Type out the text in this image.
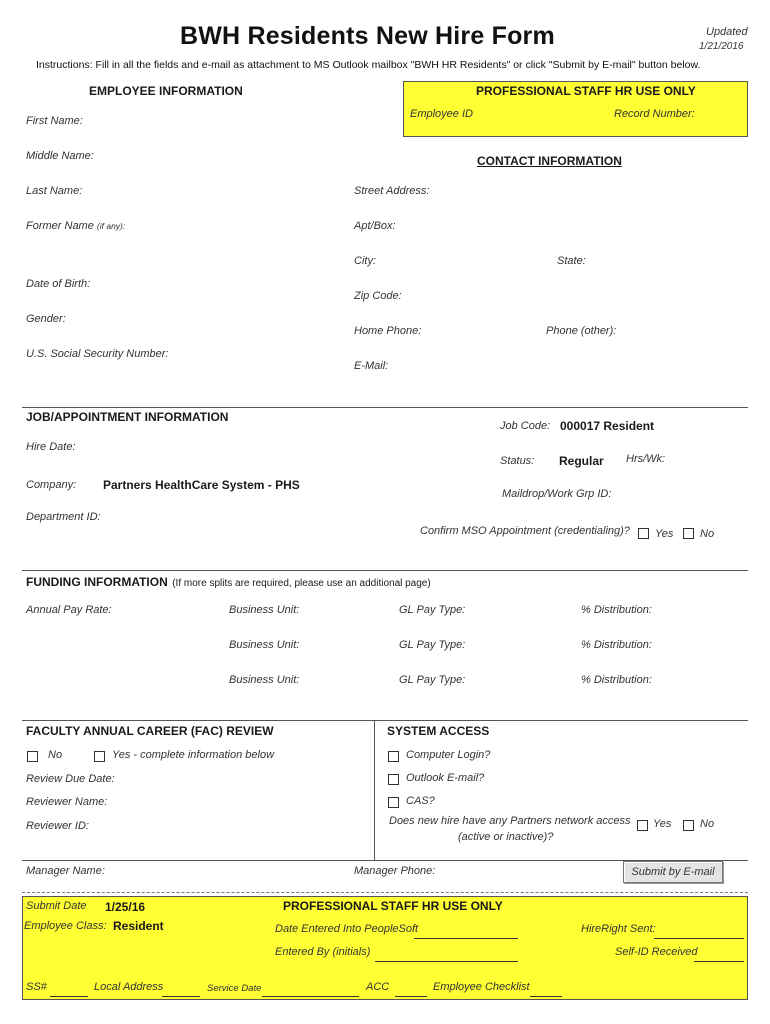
BWH Residents New Hire Form	Updated
1/21/2016
Instructions: Fill in all the fields and e-mail as attachment to MS Outlook mailbox "BWH HR Residents" or click "Submit by E-mail" button below.
EMPLOYEE INFORMATION
First Name:
Middle Name:
Last Name:
Former Name (if any):
Date of Birth:
Gender:
U.S. Social Security Number:
PROFESSIONAL STAFF HR USE ONLY
Employee ID	Record Number:
CONTACT INFORMATION
Street Address:
Apt/Box:
City:	State:
Zip Code:
Home Phone:	Phone (other):
E-Mail:
JOB/APPOINTMENT INFORMATION
Hire Date:
Company: Partners HealthCare System - PHS
Department ID:
Job Code: 000017 Resident
Status: Regular Hrs/Wk:
Maildrop/Work Grp ID:
Confirm MSO Appointment (credentialing)? Yes No
FUNDING INFORMATION (If more splits are required, please use an additional page)
Annual Pay Rate:	Business Unit:	GL Pay Type:	% Distribution:
Business Unit:	GL Pay Type:	% Distribution:
Business Unit:	GL Pay Type:	% Distribution:
FACULTY ANNUAL CAREER (FAC) REVIEW
No	Yes - complete information below
Review Due Date:
Reviewer Name:
Reviewer ID:
SYSTEM ACCESS
Computer Login?
Outlook E-mail?
CAS?
Does new hire have any Partners network access
(active or inactive)?
Yes	No
Manager Name:	Manager Phone:	Submit by E-mail
Submit Date 1/25/16	PROFESSIONAL STAFF HR USE ONLY
Employee Class: Resident	Date Entered Into PeopleSoft	HireRight Sent:
Entered By (initials)	Self-ID Received
SS#	Local Address	Service Date	ACC	Employee Checklist
